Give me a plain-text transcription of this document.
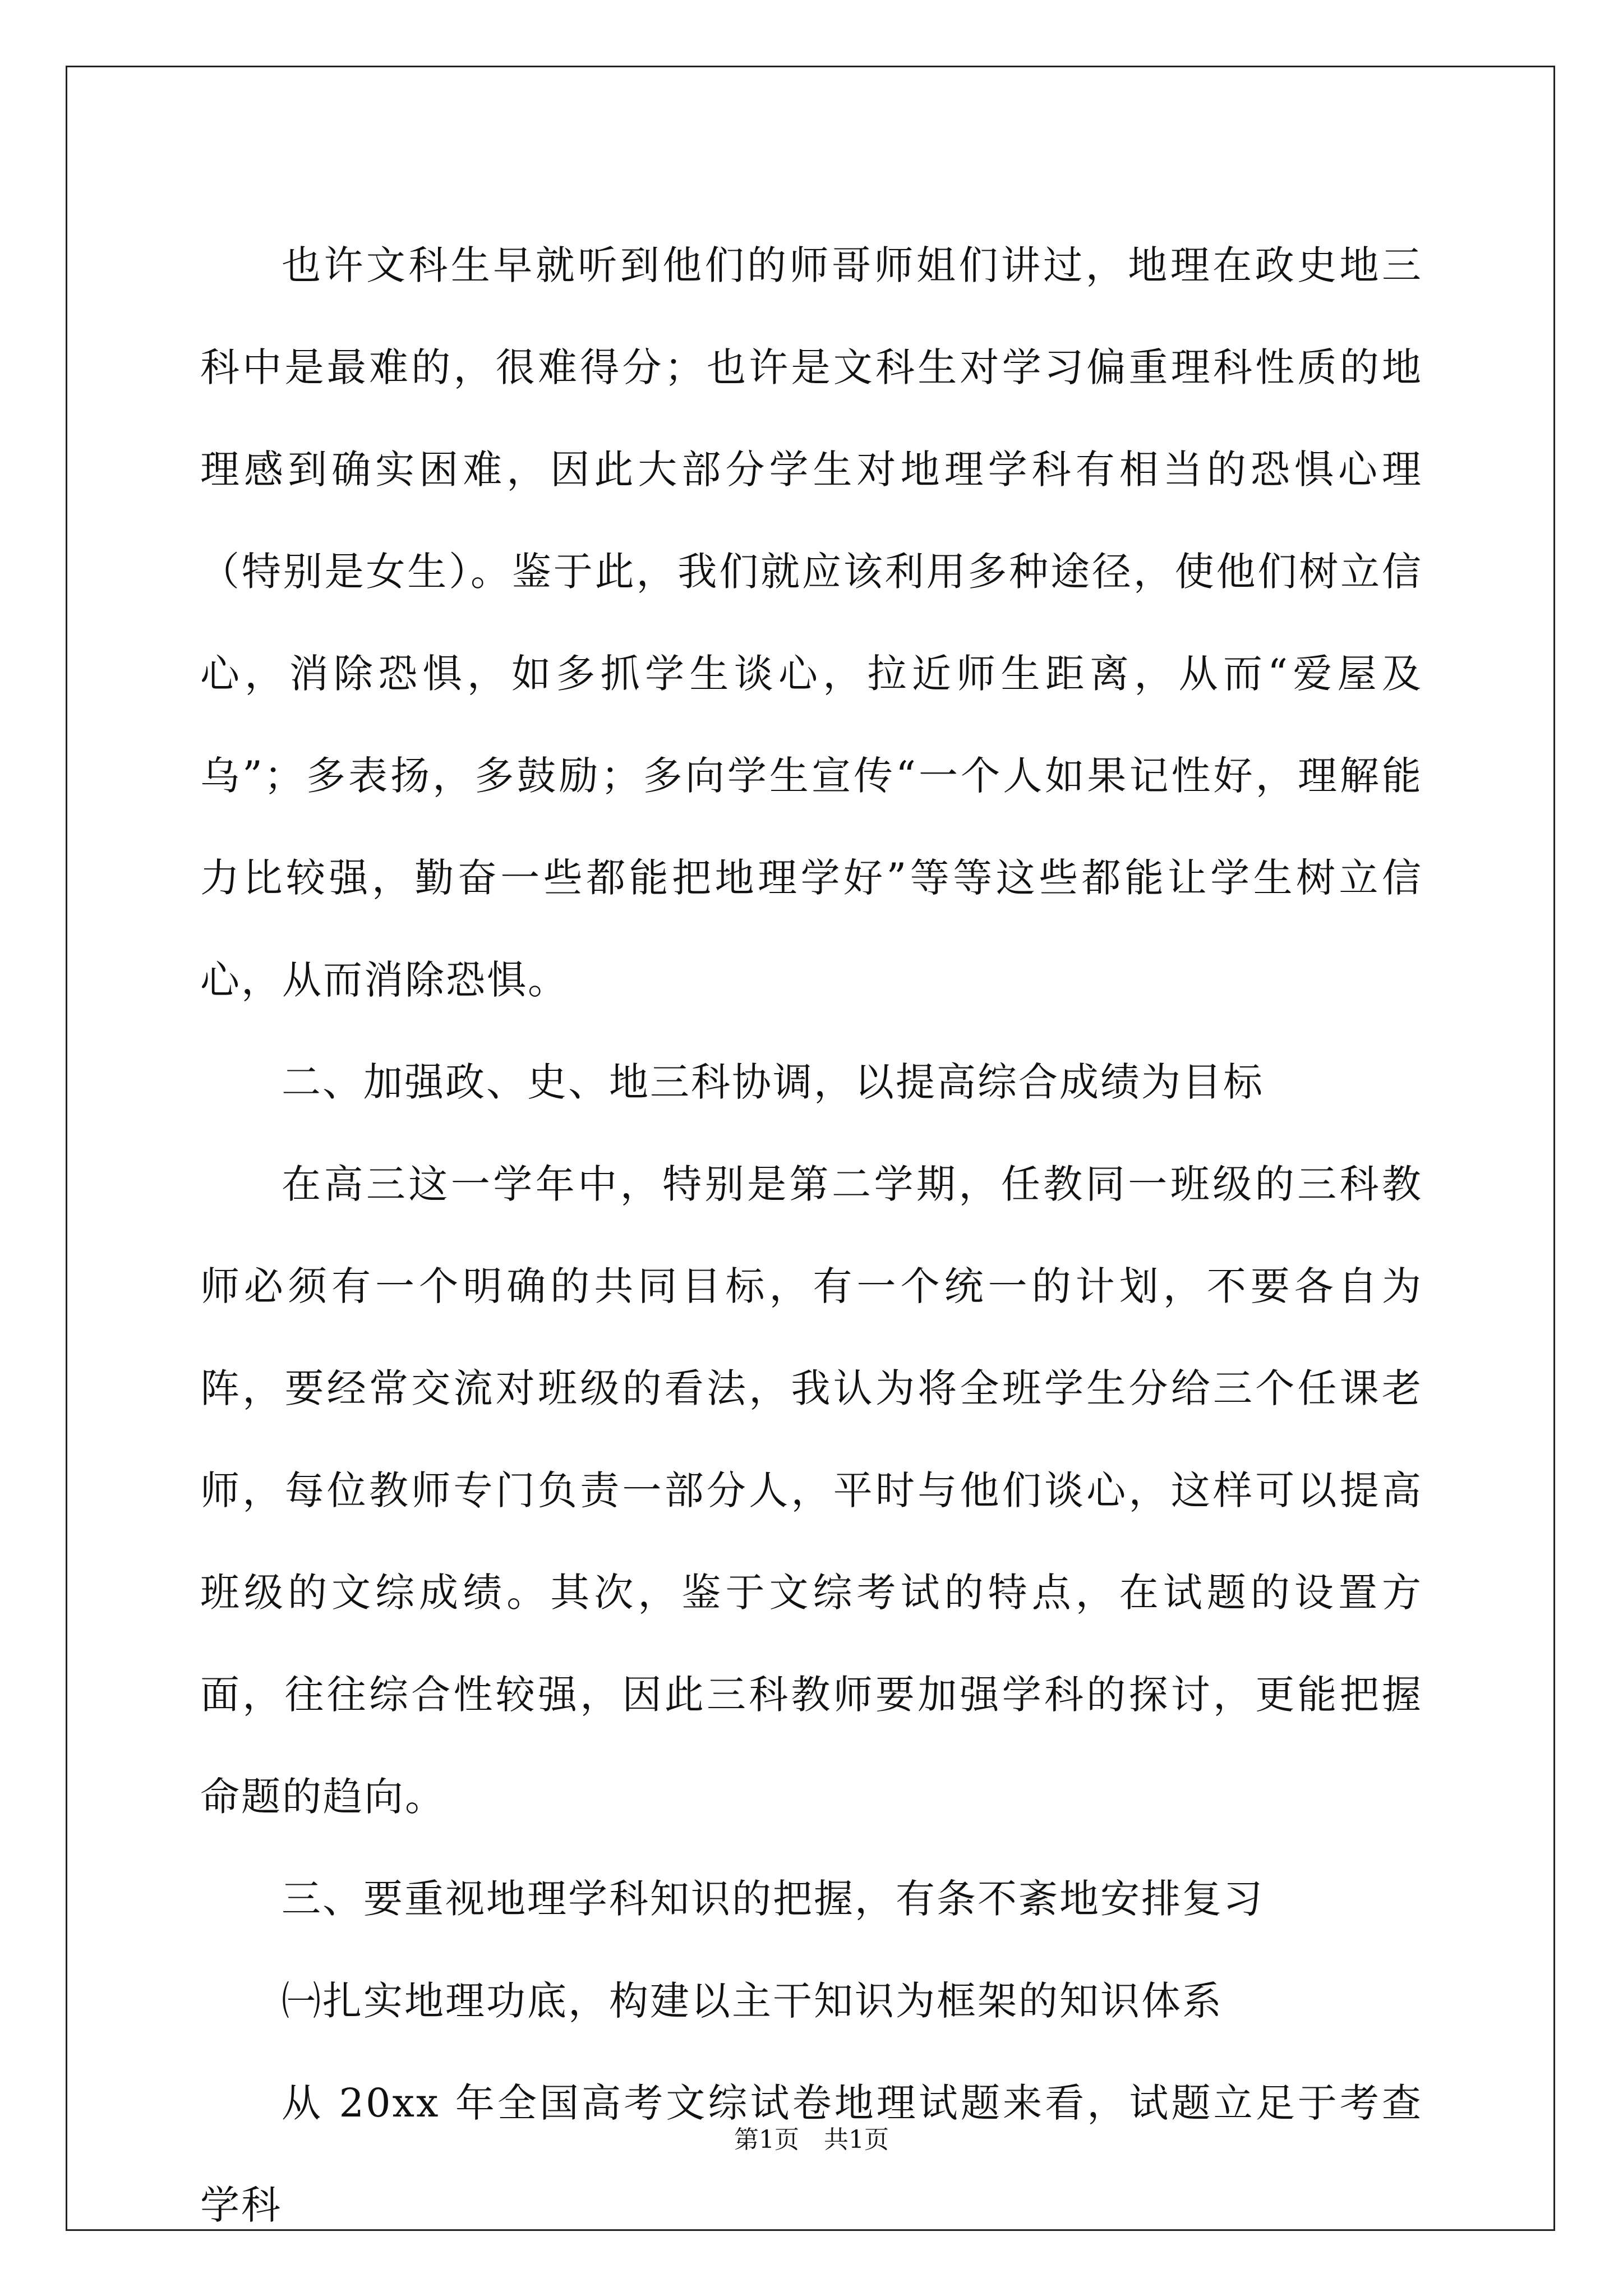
也许文科生早就听到他们的师哥师姐们讲过，地理在政史地三科中是最难的，很难得分；也许是文科生对学习偏重理科性质的地理感到确实困难，因此大部分学生对地理学科有相当的恐惧心理（特别是女生）。鉴于此，我们就应该利用多种途径，使他们树立信心，消除恐惧，如多抓学生谈心，拉近师生距离，从而“爱屋及乌”；多表扬，多鼓励；多向学生宣传“一个人如果记性好，理解能力比较强，勤奋一些都能把地理学好”等等这些都能让学生树立信心，从而消除恐惧。

二、加强政、史、地三科协调，以提高综合成绩为目标

在高三这一学年中，特别是第二学期，任教同一班级的三科教师必须有一个明确的共同目标，有一个统一的计划，不要各自为阵，要经常交流对班级的看法，我认为将全班学生分给三个任课老师，每位教师专门负责一部分人，平时与他们谈心，这样可以提高班级的文综成绩。其次，鉴于文综考试的特点，在试题的设置方面，往往综合性较强，因此三科教师要加强学科的探讨，更能把握命题的趋向。

三、要重视地理学科知识的把握，有条不紊地安排复习

㈠扎实地理功底，构建以主干知识为框架的知识体系

从 20xx 年全国高考文综试卷地理试题来看，试题立足于考查学科

第1页　共1页
